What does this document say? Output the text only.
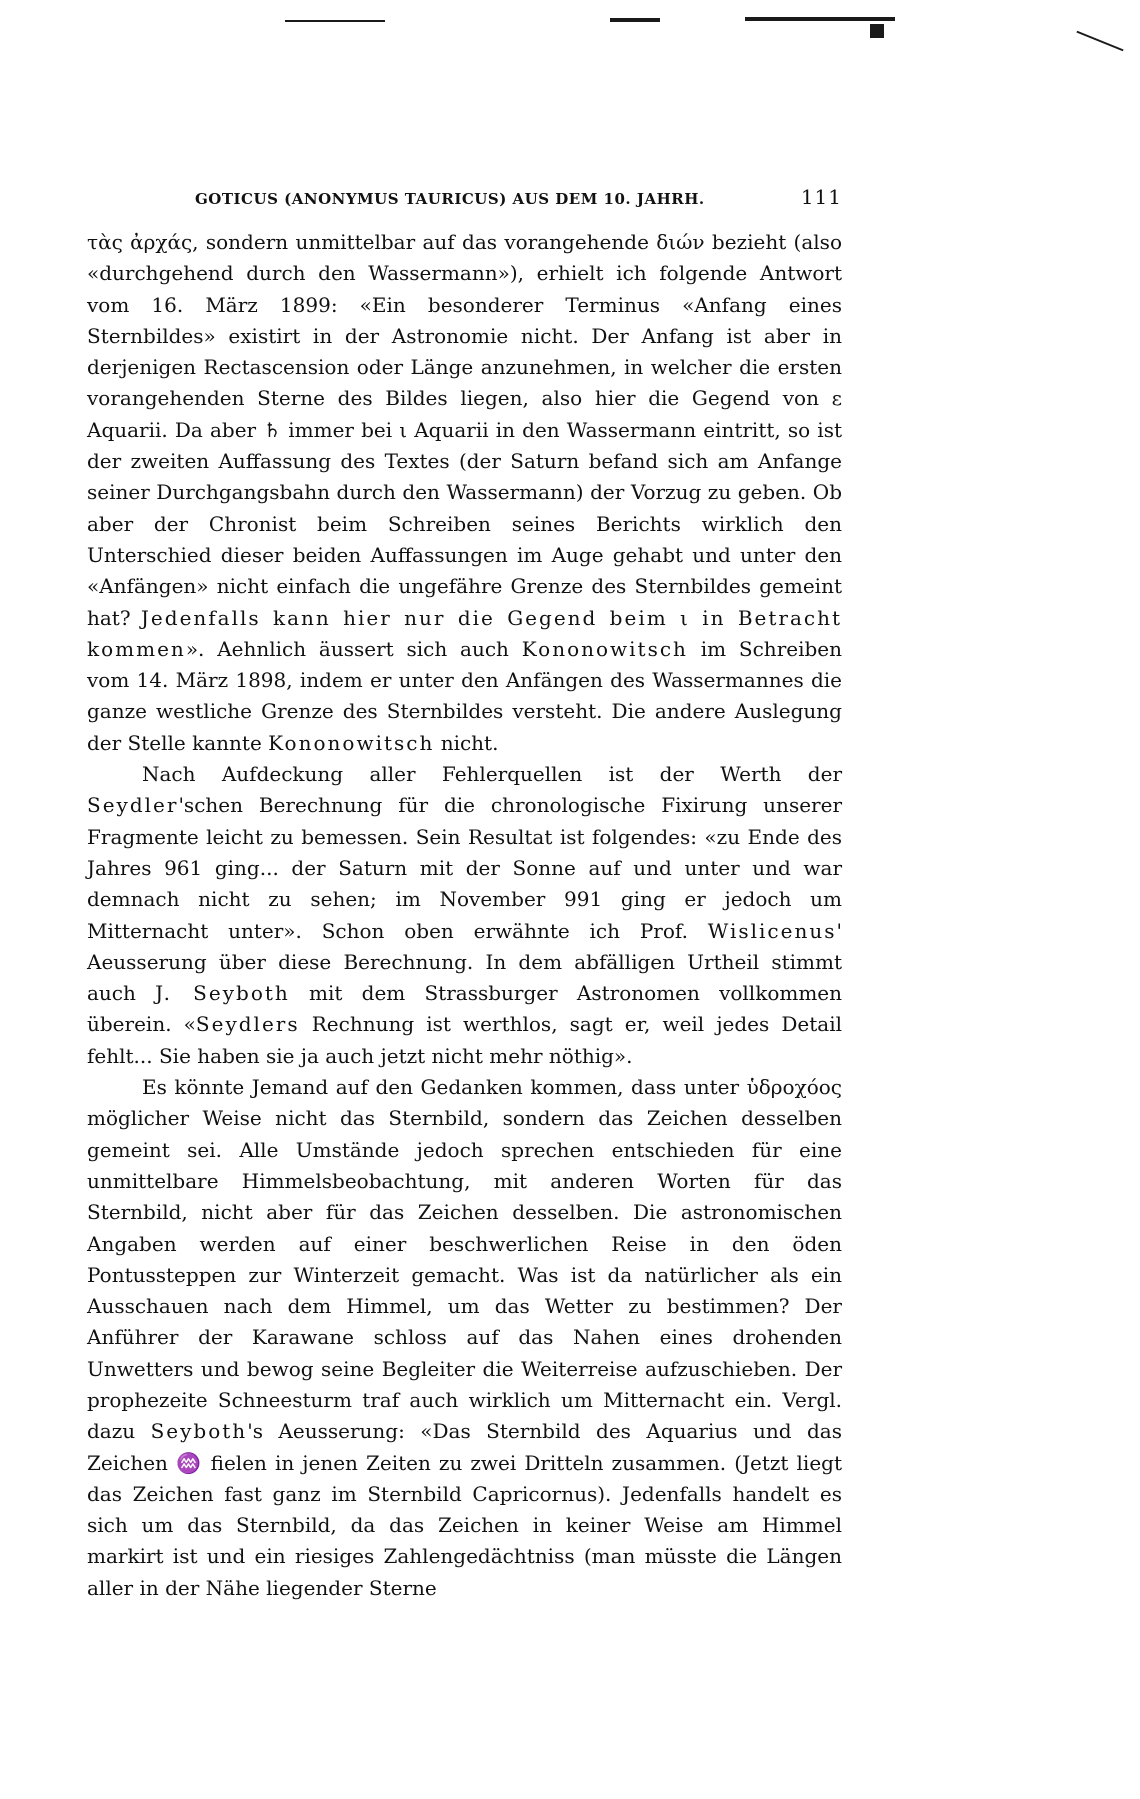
GOTICUS (ANONYMUS TAURICUS) AUS DEM 10. JAHRH.	111

τὰς ἀρχάς, sondern unmittelbar auf das vorangehende διών bezieht (also «durchgehend durch den Wassermann»), erhielt ich folgende Antwort vom 16. März 1899: «Ein besonderer Terminus «Anfang eines Sternbildes» existirt in der Astronomie nicht. Der Anfang ist aber in derjenigen Rectascension oder Länge anzunehmen, in welcher die ersten vorangehenden Sterne des Bildes liegen, also hier die Gegend von ε Aquarii. Da aber ♄ immer bei ι Aquarii in den Wassermann eintritt, so ist der zweiten Auffassung des Textes (der Saturn befand sich am Anfange seiner Durchgangsbahn durch den Wassermann) der Vorzug zu geben. Ob aber der Chronist beim Schreiben seines Berichts wirklich den Unterschied dieser beiden Auffassungen im Auge gehabt und unter den «Anfängen» nicht einfach die ungefähre Grenze des Sternbildes gemeint hat? Jedenfalls kann hier nur die Gegend beim ι in Betracht kommen». Aehnlich äussert sich auch Kononowitsch im Schreiben vom 14. März 1898, indem er unter den Anfängen des Wassermannes die ganze westliche Grenze des Sternbildes versteht. Die andere Auslegung der Stelle kannte Kononowitsch nicht.

Nach Aufdeckung aller Fehlerquellen ist der Werth der Seydler'schen Berechnung für die chronologische Fixirung unserer Fragmente leicht zu bemessen. Sein Resultat ist folgendes: «zu Ende des Jahres 961 ging... der Saturn mit der Sonne auf und unter und war demnach nicht zu sehen; im November 991 ging er jedoch um Mitternacht unter». Schon oben erwähnte ich Prof. Wislicenus' Aeusserung über diese Berechnung. In dem abfälligen Urtheil stimmt auch J. Seyboth mit dem Strassburger Astronomen vollkommen überein. «Seydlers Rechnung ist werthlos, sagt er, weil jedes Detail fehlt... Sie haben sie ja auch jetzt nicht mehr nöthig».

Es könnte Jemand auf den Gedanken kommen, dass unter ὑδροχόος möglicher Weise nicht das Sternbild, sondern das Zeichen desselben gemeint sei. Alle Umstände jedoch sprechen entschieden für eine unmittelbare Himmelsbeobachtung, mit anderen Worten für das Sternbild, nicht aber für das Zeichen desselben. Die astronomischen Angaben werden auf einer beschwerlichen Reise in den öden Pontussteppen zur Winterzeit gemacht. Was ist da natürlicher als ein Ausschauen nach dem Himmel, um das Wetter zu bestimmen? Der Anführer der Karawane schloss auf das Nahen eines drohenden Unwetters und bewog seine Begleiter die Weiterreise aufzuschieben. Der prophezeite Schneesturm traf auch wirklich um Mitternacht ein. Vergl. dazu Seyboth's Aeusserung: «Das Sternbild des Aquarius und das Zeichen ♒ fielen in jenen Zeiten zu zwei Dritteln zusammen. (Jetzt liegt das Zeichen fast ganz im Sternbild Capricornus). Jedenfalls handelt es sich um das Sternbild, da das Zeichen in keiner Weise am Himmel markirt ist und ein riesiges Zahlengedächtniss (man müsste die Längen aller in der Nähe liegender Sterne
